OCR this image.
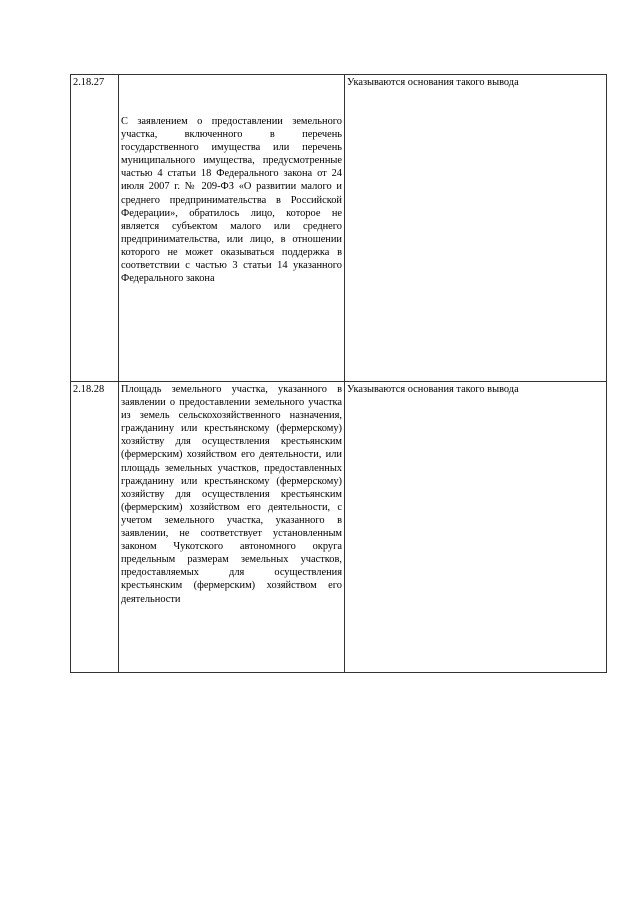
2.18.27	С заявлением о предоставлении земельного участка, включенного в перечень государственного имущества или перечень муниципального имущества, предусмотренные частью 4 статьи 18 Федерального закона от 24 июля 2007 г. № 209-ФЗ «О развитии малого и среднего предпринимательства в Российской Федерации», обратилось лицо, которое не является субъектом малого или среднего предпринимательства, или лицо, в отношении которого не может оказываться поддержка в соответствии с частью 3 статьи 14 указанного Федерального закона	Указываются основания такого вывода

2.18.28	Площадь земельного участка, указанного в заявлении о предоставлении земельного участка из земель сельскохозяйственного назначения, гражданину или крестьянскому (фермерскому) хозяйству для осуществления крестьянским (фермерским) хозяйством его деятельности, или площадь земельных участков, предоставленных гражданину или крестьянскому (фермерскому) хозяйству для осуществления крестьянским (фермерским) хозяйством его деятельности, с учетом земельного участка, указанного в заявлении, не соответствует установленным законом Чукотского автономного округа предельным размерам земельных участков, предоставляемых для осуществления крестьянским (фермерским) хозяйством его деятельности	Указываются основания такого вывода
